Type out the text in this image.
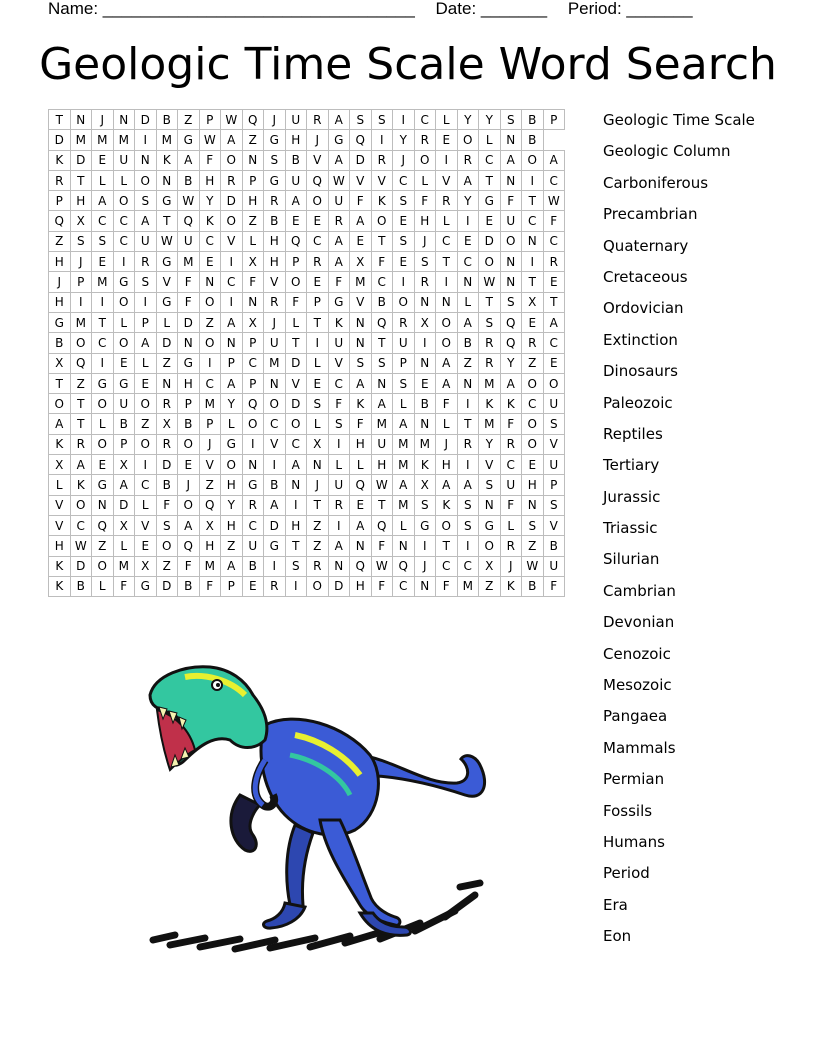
Name: _________________________________ Date: _______ Period: _______
Geologic Time Scale Word Search
T	N	J	N	D	B	Z	P	W	Q	J	U	R	A	S	S	I	C	L	Y	Y	S	B	P
D	M	M	M	I	M	G	W	A	Z	G	H	J	G	Q	I	Y	R	E	O	L	N	B	
K	D	E	U	N	K	A	F	O	N	S	B	V	A	D	R	J	O	I	R	C	A	O	A
R	T	L	L	O	N	B	H	R	P	G	U	Q	W	V	V	C	L	V	A	T	N	I	C
P	H	A	O	S	G	W	Y	D	H	R	A	O	U	F	K	S	F	R	Y	G	F	T	W
Q	X	C	C	A	T	Q	K	O	Z	B	E	E	R	A	O	E	H	L	I	E	U	C	F
Z	S	S	C	U	W	U	C	V	L	H	Q	C	A	E	T	S	J	C	E	D	O	N	C
H	J	E	I	R	G	M	E	I	X	H	P	R	A	X	F	E	S	T	C	O	N	I	R
J	P	M	G	S	V	F	N	C	F	V	O	E	F	M	C	I	R	I	N	W	N	T	E
H	I	I	O	I	G	F	O	I	N	R	F	P	G	V	B	O	N	N	L	T	S	X	T
G	M	T	L	P	L	D	Z	A	X	J	L	T	K	N	Q	R	X	O	A	S	Q	E	A
B	O	C	O	A	D	N	O	N	P	U	T	I	U	N	T	U	I	O	B	R	Q	R	C
X	Q	I	E	L	Z	G	I	P	C	M	D	L	V	S	S	P	N	A	Z	R	Y	Z	E
T	Z	G	G	E	N	H	C	A	P	N	V	E	C	A	N	S	E	A	N	M	A	O	O
O	T	O	U	O	R	P	M	Y	Q	O	D	S	F	K	A	L	B	F	I	K	K	C	U
A	T	L	B	Z	X	B	P	L	O	C	O	L	S	F	M	A	N	L	T	M	F	O	S
K	R	O	P	O	R	O	J	G	I	V	C	X	I	H	U	M	M	J	R	Y	R	O	V
X	A	E	X	I	D	E	V	O	N	I	A	N	L	L	H	M	K	H	I	V	C	E	U
L	K	G	A	C	B	J	Z	H	G	B	N	J	U	Q	W	A	X	A	A	S	U	H	P
V	O	N	D	L	F	O	Q	Y	R	A	I	T	R	E	T	M	S	K	S	N	F	N	S
V	C	Q	X	V	S	A	X	H	C	D	H	Z	I	A	Q	L	G	O	S	G	L	S	V
H	W	Z	L	E	O	Q	H	Z	U	G	T	Z	A	N	F	N	I	T	I	O	R	Z	B
K	D	O	M	X	Z	F	M	A	B	I	S	R	N	Q	W	Q	J	C	C	X	J	W	U
K	B	L	F	G	D	B	F	P	E	R	I	O	D	H	F	C	N	F	M	Z	K	B	F
Geologic Time Scale
Geologic Column
Carboniferous
Precambrian
Quaternary
Cretaceous
Ordovician
Extinction
Dinosaurs
Paleozoic
Reptiles
Tertiary
Jurassic
Triassic
Silurian
Cambrian
Devonian
Cenozoic
Mesozoic
Pangaea
Mammals
Permian
Fossils
Humans
Period
Era
Eon
